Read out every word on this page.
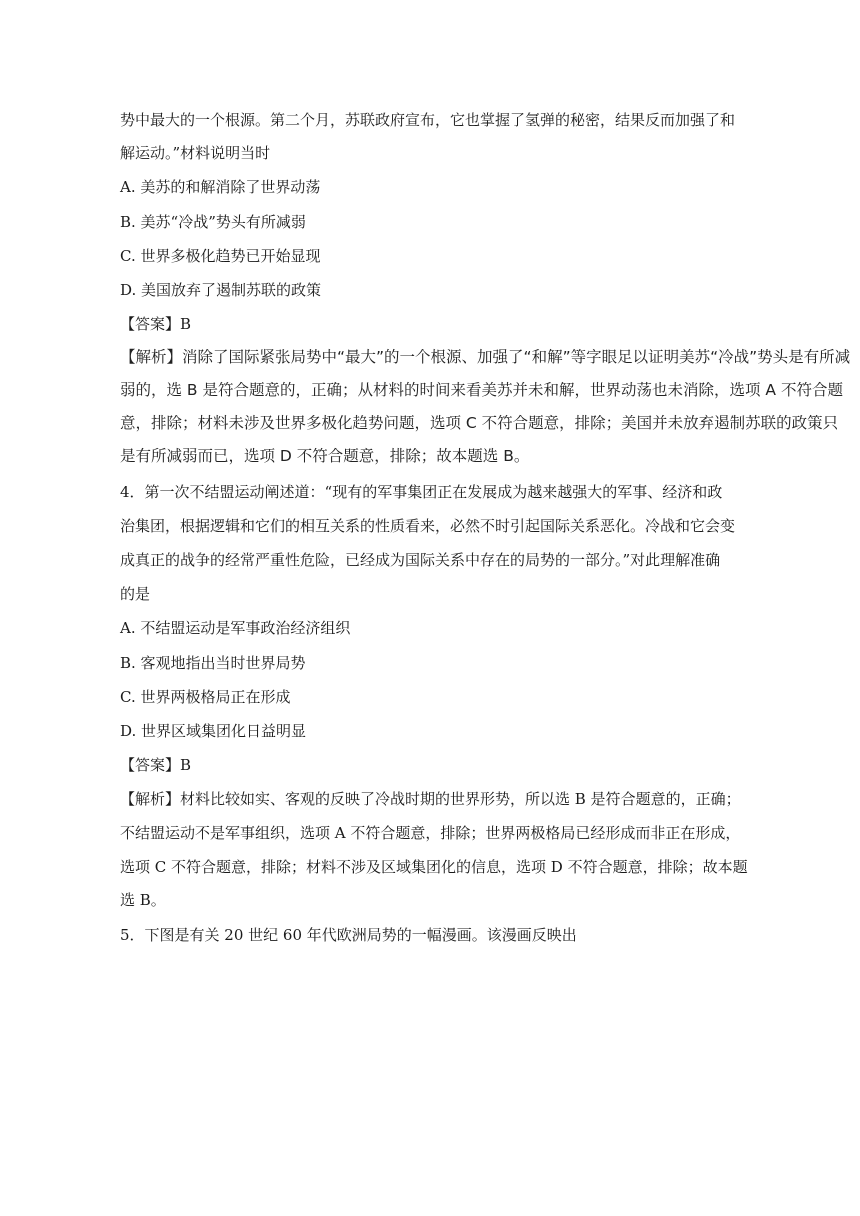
势中最大的一个根源。第二个月，苏联政府宣布，它也掌握了氢弹的秘密，结果反而加强了和
解运动。”材料说明当时
A. 美苏的和解消除了世界动荡
B. 美苏“冷战”势头有所减弱
C. 世界多极化趋势已开始显现
D. 美国放弃了遏制苏联的政策
【答案】B
【解析】消除了国际紧张局势中“最大”的一个根源、加强了“和解”等字眼足以证明美苏“冷战”势头是有所减
弱的，选 B 是符合题意的，正确；从材料的时间来看美苏并未和解，世界动荡也未消除，选项 A 不符合题
意，排除；材料未涉及世界多极化趋势问题，选项 C 不符合题意，排除；美国并未放弃遏制苏联的政策只
是有所减弱而已，选项 D 不符合题意，排除；故本题选 B。
4．第一次不结盟运动阐述道：“现有的军事集团正在发展成为越来越强大的军事、经济和政
治集团，根据逻辑和它们的相互关系的性质看来，必然不时引起国际关系恶化。冷战和它会变
成真正的战争的经常严重性危险，已经成为国际关系中存在的局势的一部分。”对此理解准确
的是
A. 不结盟运动是军事政治经济组织
B. 客观地指出当时世界局势
C. 世界两极格局正在形成
D. 世界区域集团化日益明显
【答案】B
【解析】材料比较如实、客观的反映了冷战时期的世界形势，所以选 B 是符合题意的，正确；
不结盟运动不是军事组织，选项 A 不符合题意，排除；世界两极格局已经形成而非正在形成，
选项 C 不符合题意，排除；材料不涉及区域集团化的信息，选项 D 不符合题意，排除；故本题
选 B。
5．下图是有关 20 世纪 60 年代欧洲局势的一幅漫画。该漫画反映出
